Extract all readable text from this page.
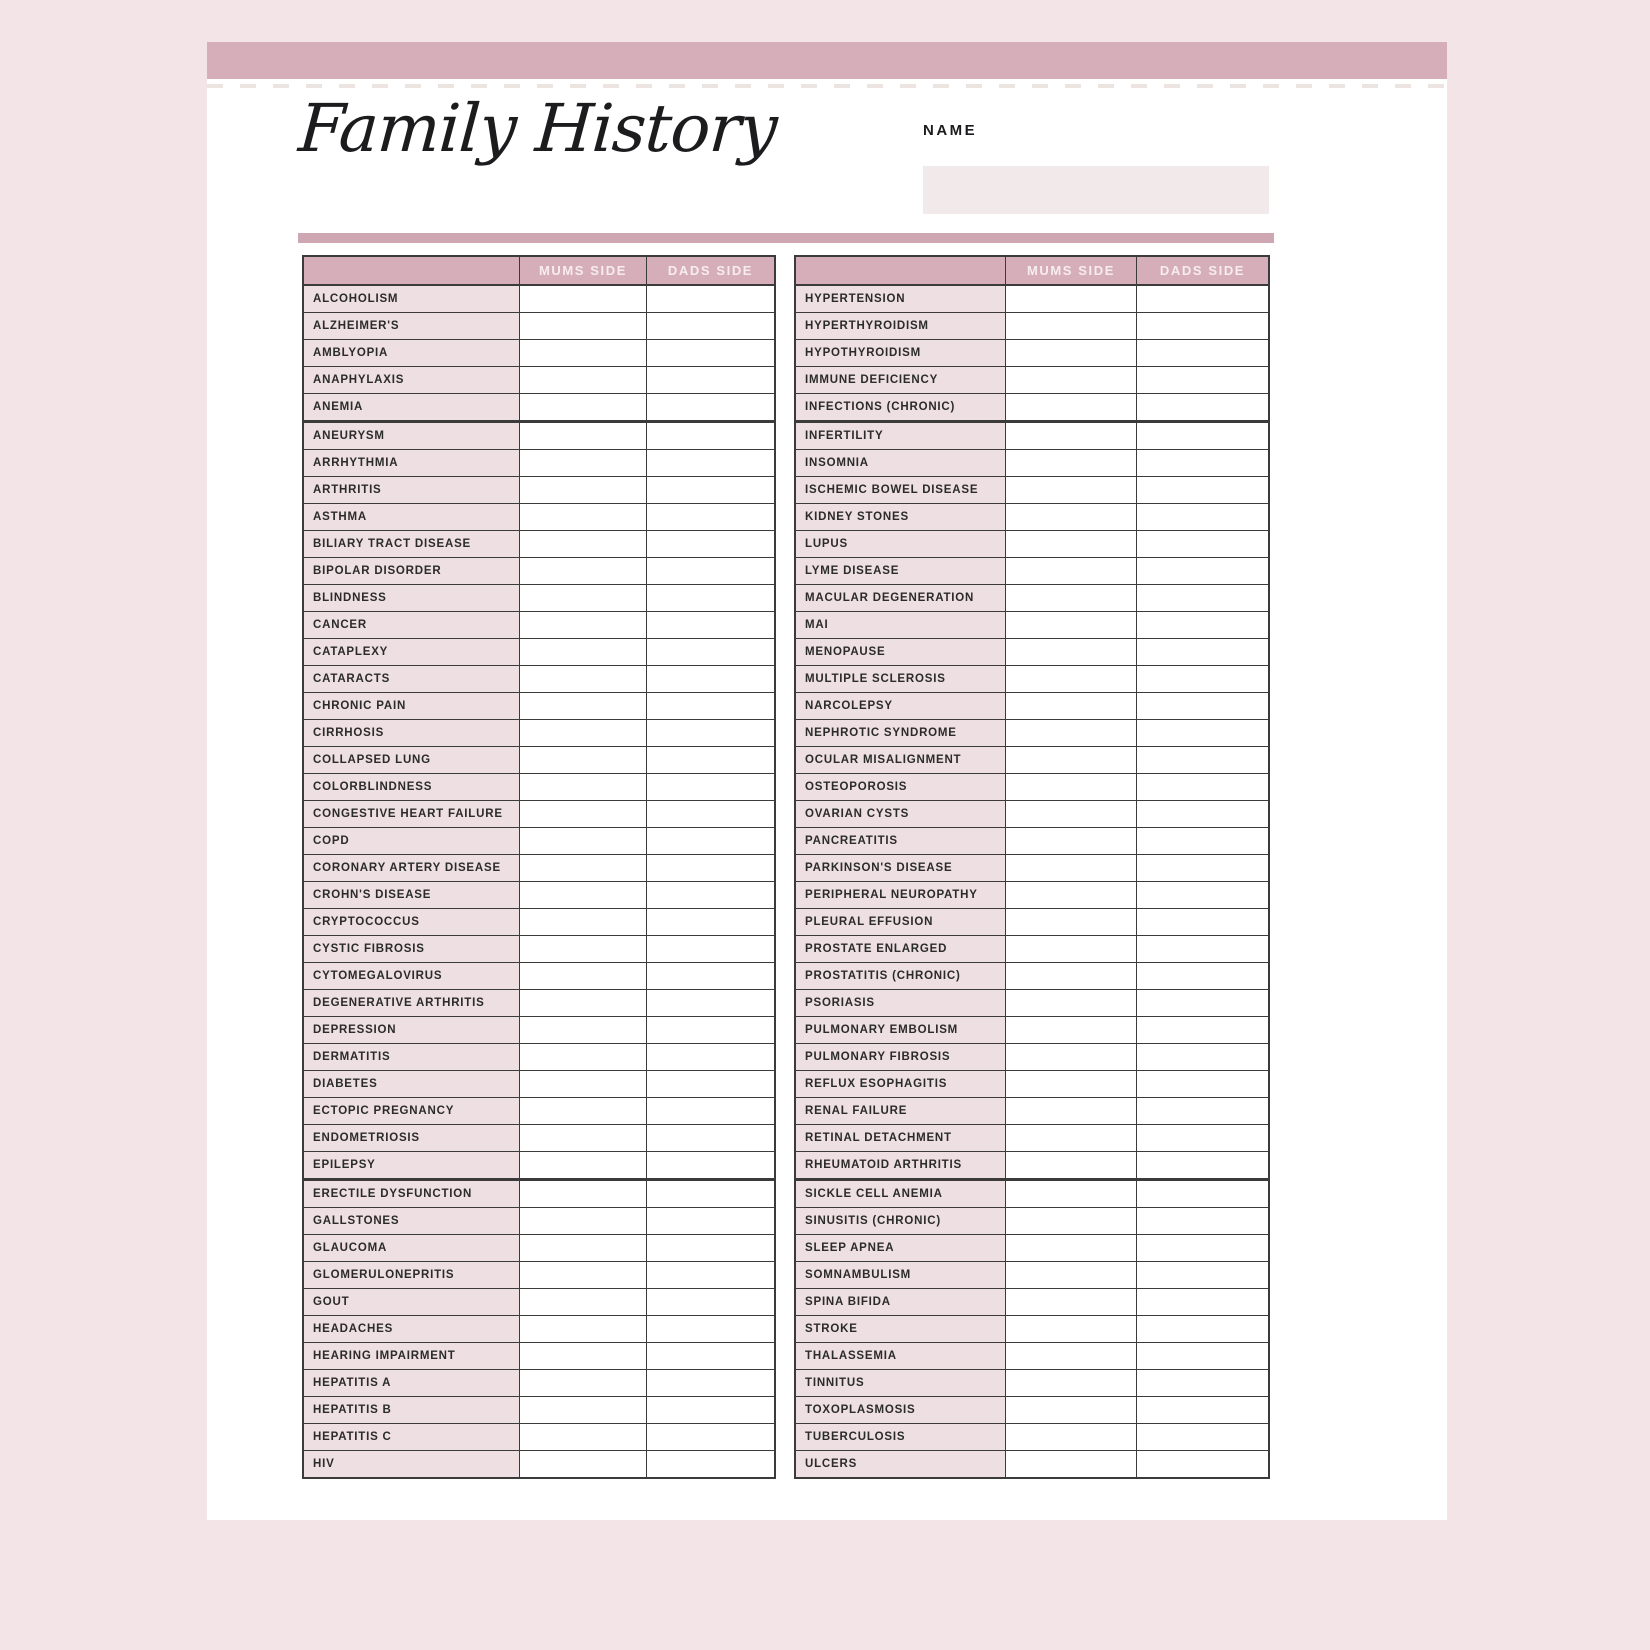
Family History	NAME
MUMS SIDE	DADS SIDE
ALCOHOLISM
ALZHEIMER'S
AMBLYOPIA
ANAPHYLAXIS
ANEMIA
ANEURYSM
ARRHYTHMIA
ARTHRITIS
ASTHMA
BILIARY TRACT DISEASE
BIPOLAR DISORDER
BLINDNESS
CANCER
CATAPLEXY
CATARACTS
CHRONIC PAIN
CIRRHOSIS
COLLAPSED LUNG
COLORBLINDNESS
CONGESTIVE HEART FAILURE
COPD
CORONARY ARTERY DISEASE
CROHN'S DISEASE
CRYPTOCOCCUS
CYSTIC FIBROSIS
CYTOMEGALOVIRUS
DEGENERATIVE ARTHRITIS
DEPRESSION
DERMATITIS
DIABETES
ECTOPIC PREGNANCY
ENDOMETRIOSIS
EPILEPSY
ERECTILE DYSFUNCTION
GALLSTONES
GLAUCOMA
GLOMERULONEPRITIS
GOUT
HEADACHES
HEARING IMPAIRMENT
HEPATITIS A
HEPATITIS B
HEPATITIS C
HIV
MUMS SIDE	DADS SIDE
HYPERTENSION
HYPERTHYROIDISM
HYPOTHYROIDISM
IMMUNE DEFICIENCY
INFECTIONS (CHRONIC)
INFERTILITY
INSOMNIA
ISCHEMIC BOWEL DISEASE
KIDNEY STONES
LUPUS
LYME DISEASE
MACULAR DEGENERATION
MAI
MENOPAUSE
MULTIPLE SCLEROSIS
NARCOLEPSY
NEPHROTIC SYNDROME
OCULAR MISALIGNMENT
OSTEOPOROSIS
OVARIAN CYSTS
PANCREATITIS
PARKINSON'S DISEASE
PERIPHERAL NEUROPATHY
PLEURAL EFFUSION
PROSTATE ENLARGED
PROSTATITIS (CHRONIC)
PSORIASIS
PULMONARY EMBOLISM
PULMONARY FIBROSIS
REFLUX ESOPHAGITIS
RENAL FAILURE
RETINAL DETACHMENT
RHEUMATOID ARTHRITIS
SICKLE CELL ANEMIA
SINUSITIS (CHRONIC)
SLEEP APNEA
SOMNAMBULISM
SPINA BIFIDA
STROKE
THALASSEMIA
TINNITUS
TOXOPLASMOSIS
TUBERCULOSIS
ULCERS
